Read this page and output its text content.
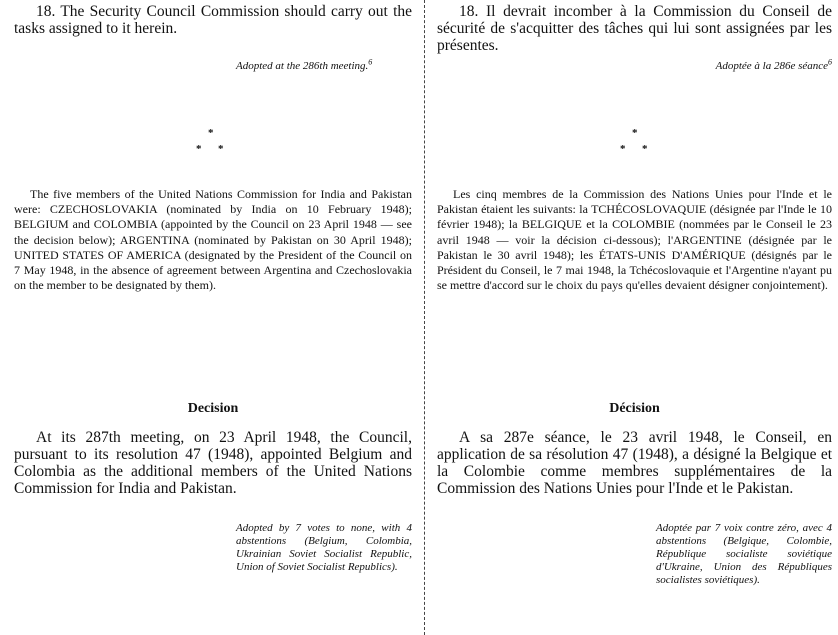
18. The Security Council Commission should carry out the tasks assigned to it herein.

Adopted at the 286th meeting.$^6$

*
* *

The five members of the United Nations Commission for India and Pakistan were: CZECHOSLOVAKIA (nominated by India on 10 February 1948); BELGIUM and COLOMBIA (appointed by the Council on 23 April 1948 — see the decision below); ARGENTINA (nominated by Pakistan on 30 April 1948); UNITED STATES OF AMERICA (designated by the President of the Council on 7 May 1948, in the absence of agreement between Argentina and Czechoslovakia on the member to be designated by them).

Decision

At its 287th meeting, on 23 April 1948, the Council, pursuant to its resolution 47 (1948), appointed Belgium and Colombia as the additional members of the United Nations Commission for India and Pakistan.

Adopted by 7 votes to none, with 4 abstentions (Belgium, Colombia, Ukrainian Soviet Socialist Republic, Union of Soviet Socialist Republics).

18. Il devrait incomber à la Commission du Conseil de sécurité de s'acquitter des tâches qui lui sont assignées par les présentes.

Adoptée à la 286e séance$^6$

*
* *

Les cinq membres de la Commission des Nations Unies pour l'Inde et le Pakistan étaient les suivants: la TCHÉCOSLOVAQUIE (désignée par l'Inde le 10 février 1948); la BELGIQUE et la COLOMBIE (nommées par le Conseil le 23 avril 1948 — voir la décision ci-dessous); l'ARGENTINE (désignée par le Pakistan le 30 avril 1948); les ÉTATS-UNIS D'AMÉRIQUE (désignés par le Président du Conseil, le 7 mai 1948, la Tchécoslovaquie et l'Argentine n'ayant pu se mettre d'accord sur le choix du pays qu'elles devaient désigner conjointement).

Décision

A sa 287e séance, le 23 avril 1948, le Conseil, en application de sa résolution 47 (1948), a désigné la Belgique et la Colombie comme membres supplémentaires de la Commission des Nations Unies pour l'Inde et le Pakistan.

Adoptée par 7 voix contre zéro, avec 4 abstentions (Belgique, Colombie, République socialiste soviétique d'Ukraine, Union des Républiques socialistes soviétiques).
